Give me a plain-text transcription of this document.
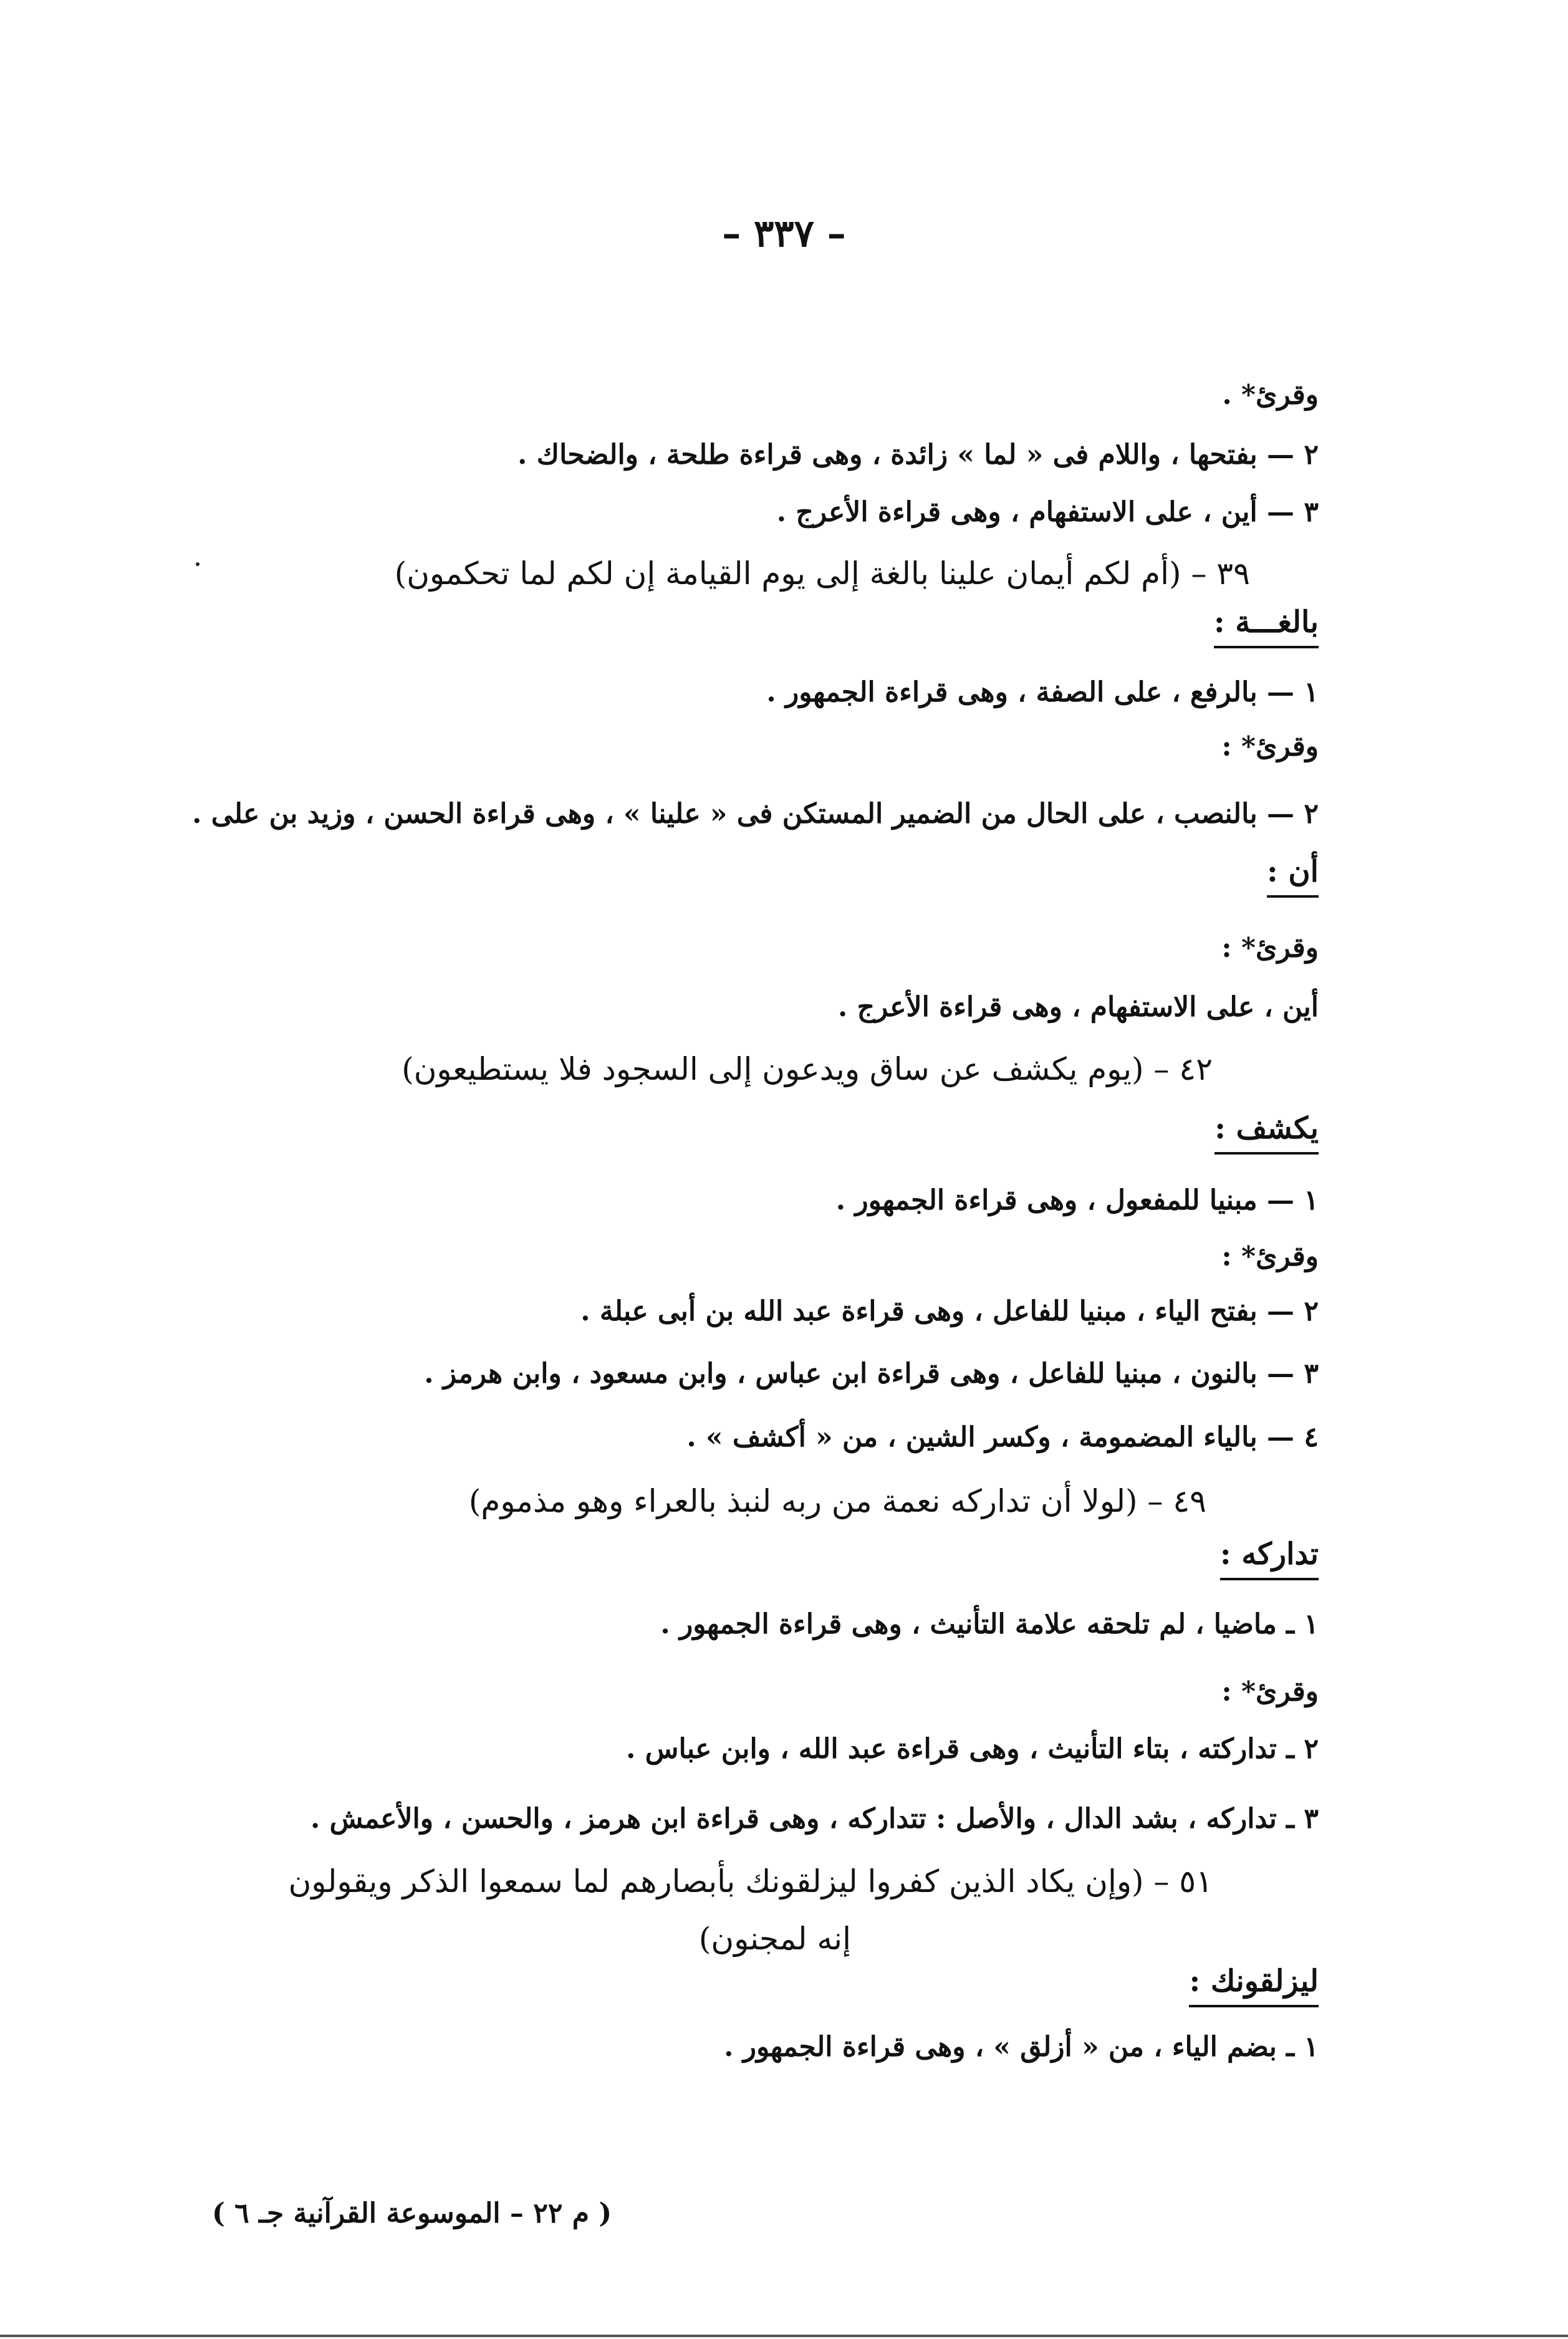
– ٣٣٧ –
وقرئ* .
٢ — بفتحها ، واللام فى « لما » زائدة ، وهى قراءة طلحة ، والضحاك .
٣ — أين ، على الاستفهام ، وهى قراءة الأعرج .
٣٩ – (أم لكم أيمان علينا بالغة إلى يوم القيامة إن لكم لما تحكمون)
بالغـــة :
١ — بالرفع ، على الصفة ، وهى قراءة الجمهور .
وقرئ* :
٢ — بالنصب ، على الحال من الضمير المستكن فى « علينا » ، وهى قراءة الحسن ، وزيد بن على .
أن :
وقرئ* :
أين ، على الاستفهام ، وهى قراءة الأعرج .
٤٢ – (يوم يكشف عن ساق ويدعون إلى السجود فلا يستطيعون)
يكشف :
١ — مبنيا للمفعول ، وهى قراءة الجمهور .
وقرئ* :
٢ — بفتح الياء ، مبنيا للفاعل ، وهى قراءة عبد الله بن أبى عبلة .
٣ — بالنون ، مبنيا للفاعل ، وهى قراءة ابن عباس ، وابن مسعود ، وابن هرمز .
٤ — بالياء المضمومة ، وكسر الشين ، من « أكشف » .
٤٩ – (لولا أن تداركه نعمة من ربه لنبذ بالعراء وهو مذموم)
تداركه :
١ ـ ماضيا ، لم تلحقه علامة التأنيث ، وهى قراءة الجمهور .
وقرئ* :
٢ ـ تداركته ، بتاء التأنيث ، وهى قراءة عبد الله ، وابن عباس .
٣ ـ تداركه ، بشد الدال ، والأصل : تتداركه ، وهى قراءة ابن هرمز ، والحسن ، والأعمش .
٥١ – (وإن يكاد الذين كفروا ليزلقونك بأبصارهم لما سمعوا الذكر ويقولون
إنه لمجنون)
ليزلقونك :
١ ـ بضم الياء ، من « أزلق » ، وهى قراءة الجمهور .
( م ٢٢ – الموسوعة القرآنية جـ ٦ )
